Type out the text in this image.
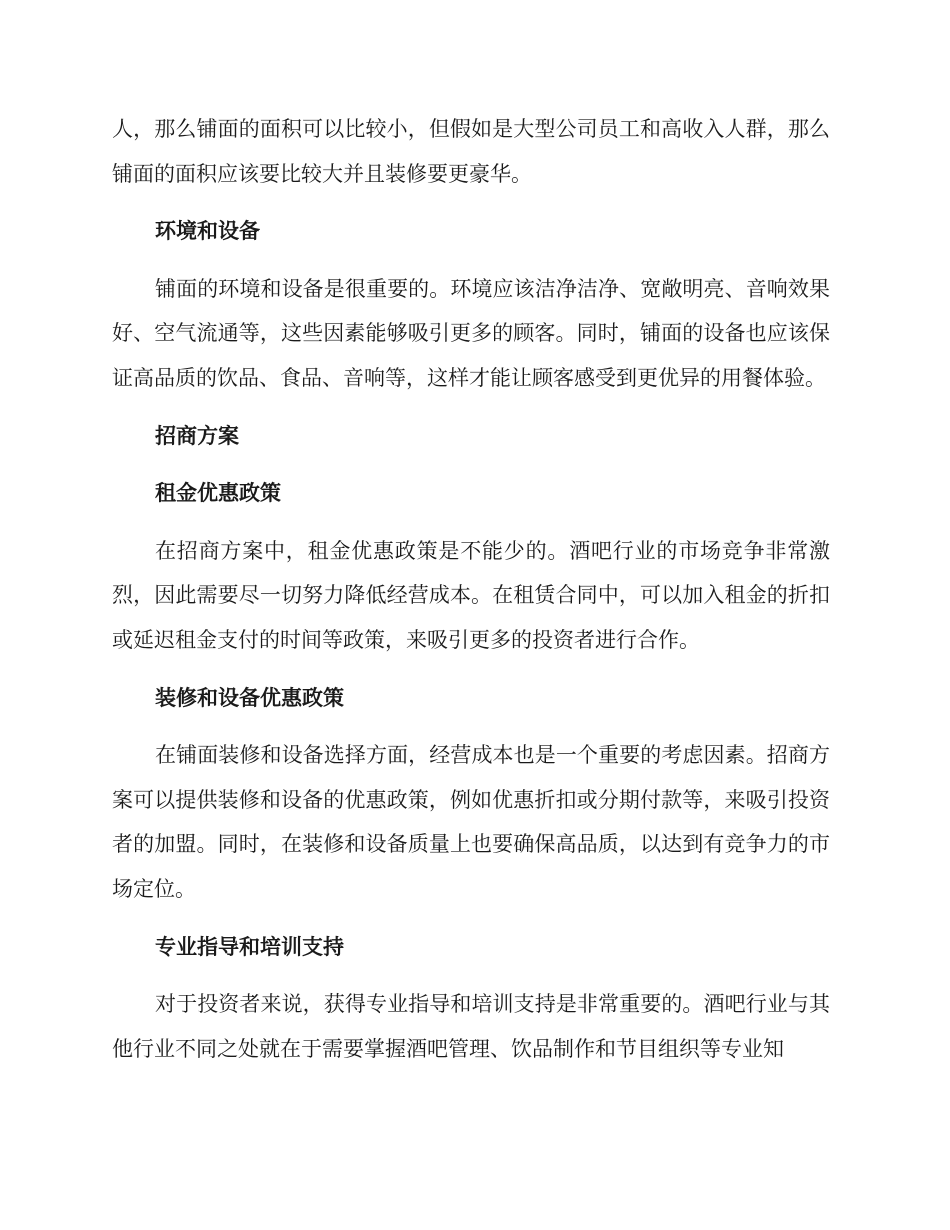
人，那么铺面的面积可以比较小，但假如是大型公司员工和高收入人群，那么铺面的面积应该要比较大并且装修要更豪华。

环境和设备

铺面的环境和设备是很重要的。环境应该洁净洁净、宽敞明亮、音响效果好、空气流通等，这些因素能够吸引更多的顾客。同时，铺面的设备也应该保证高品质的饮品、食品、音响等，这样才能让顾客感受到更优异的用餐体验。

招商方案
租金优惠政策

在招商方案中，租金优惠政策是不能少的。酒吧行业的市场竞争非常激烈，因此需要尽一切努力降低经营成本。在租赁合同中，可以加入租金的折扣或延迟租金支付的时间等政策，来吸引更多的投资者进行合作。

装修和设备优惠政策

在铺面装修和设备选择方面，经营成本也是一个重要的考虑因素。招商方案可以提供装修和设备的优惠政策，例如优惠折扣或分期付款等，来吸引投资者的加盟。同时，在装修和设备质量上也要确保高品质，以达到有竞争力的市场定位。

专业指导和培训支持

对于投资者来说，获得专业指导和培训支持是非常重要的。酒吧行业与其他行业不同之处就在于需要掌握酒吧管理、饮品制作和节目组织等专业知
